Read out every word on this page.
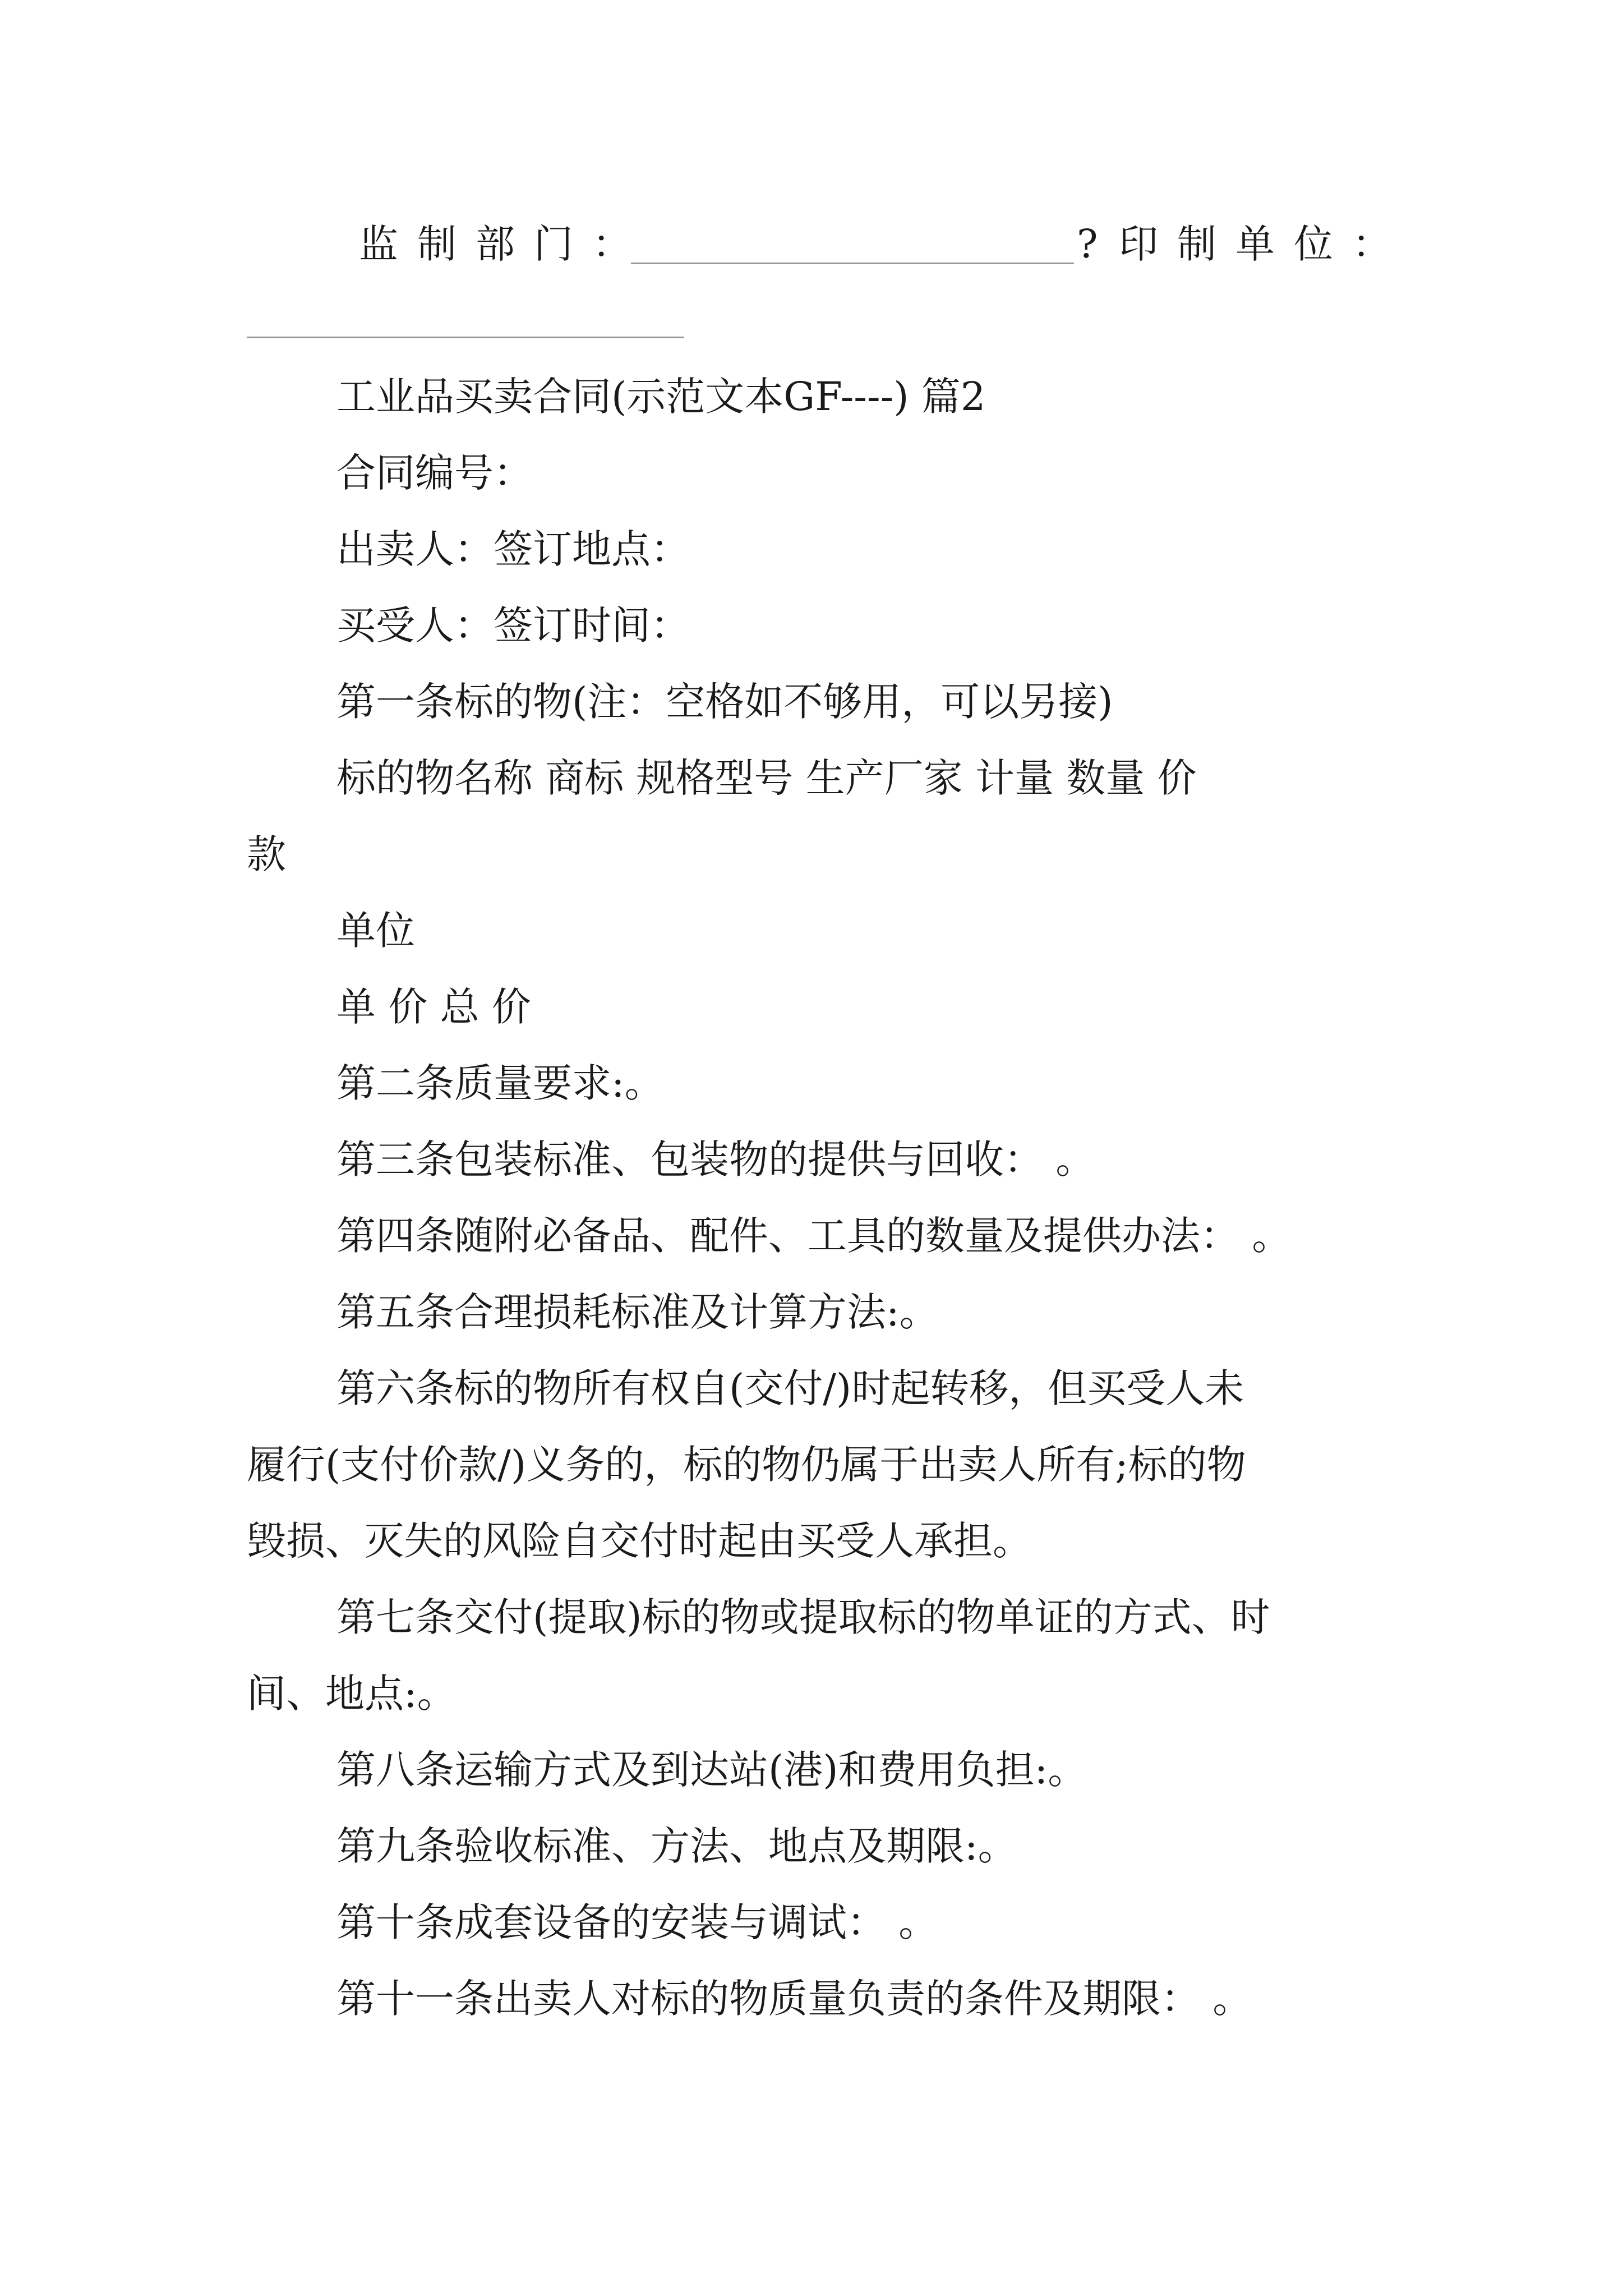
监制部门：	? 印制单位：
工业品买卖合同(示范文本GF----) 篇2
合同编号：
出卖人：签订地点：
买受人：签订时间：
第一条标的物(注：空格如不够用，可以另接)
标的物名称 商标 规格型号 生产厂家 计量 数量 价
款
单位
单 价 总 价
第二条质量要求:。
第三条包装标准、包装物的提供与回收： 。
第四条随附必备品、配件、工具的数量及提供办法： 。
第五条合理损耗标准及计算方法:。
第六条标的物所有权自(交付/)时起转移，但买受人未
履行(支付价款/)义务的，标的物仍属于出卖人所有;标的物
毁损、灭失的风险自交付时起由买受人承担。
第七条交付(提取)标的物或提取标的物单证的方式、时
间、地点:。
第八条运输方式及到达站(港)和费用负担:。
第九条验收标准、方法、地点及期限:。
第十条成套设备的安装与调试： 。
第十一条出卖人对标的物质量负责的条件及期限： 。
